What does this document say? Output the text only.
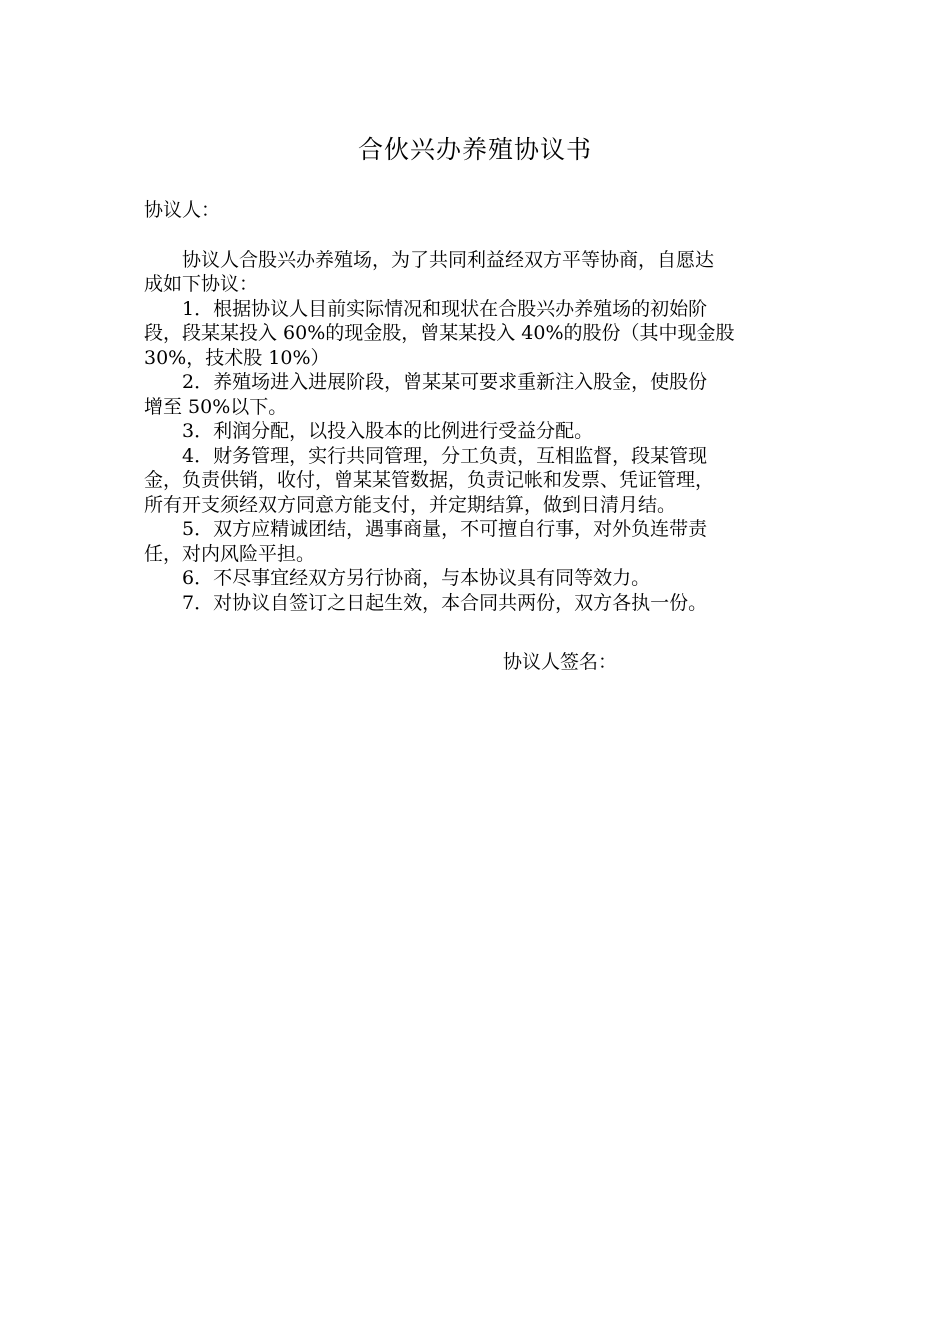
合伙兴办养殖协议书

协议人：

协议人合股兴办养殖场，为了共同利益经双方平等协商，自愿达

成如下协议：

1．根据协议人目前实际情况和现状在合股兴办养殖场的初始阶

段，段某某投入 60%的现金股，曾某某投入 40%的股份（其中现金股

30%，技术股 10%）

2．养殖场进入进展阶段，曾某某可要求重新注入股金，使股份

增至 50%以下。

3．利润分配，以投入股本的比例进行受益分配。

4．财务管理，实行共同管理，分工负责，互相监督，段某管现

金，负责供销，收付，曾某某管数据，负责记帐和发票、凭证管理，

所有开支须经双方同意方能支付，并定期结算，做到日清月结。

5．双方应精诚团结，遇事商量，不可擅自行事，对外负连带责

任，对内风险平担。

6．不尽事宜经双方另行协商，与本协议具有同等效力。

7．对协议自签订之日起生效，本合同共两份，双方各执一份。

协议人签名：
